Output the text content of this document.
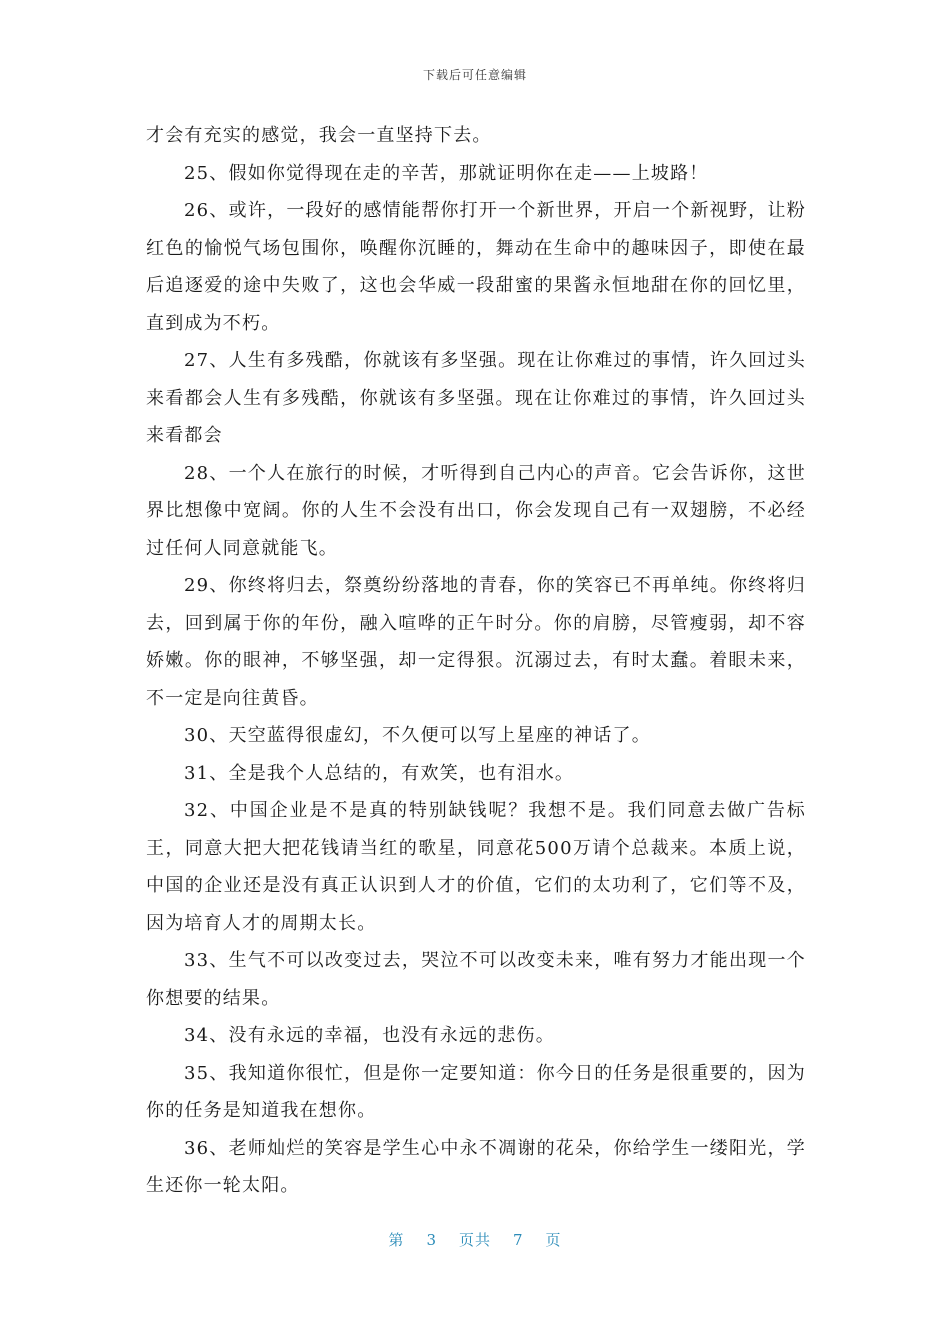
下载后可任意编辑

才会有充实的感觉，我会一直坚持下去。

25、假如你觉得现在走的辛苦，那就证明你在走——上坡路！

26、或许，一段好的感情能帮你打开一个新世界，开启一个新视野，让粉红色的愉悦气场包围你，唤醒你沉睡的，舞动在生命中的趣味因子，即使在最后追逐爱的途中失败了，这也会华威一段甜蜜的果酱永恒地甜在你的回忆里，直到成为不朽。

27、人生有多残酷，你就该有多坚强。现在让你难过的事情，许久回过头来看都会人生有多残酷，你就该有多坚强。现在让你难过的事情，许久回过头来看都会

28、一个人在旅行的时候，才听得到自己内心的声音。它会告诉你，这世界比想像中宽阔。你的人生不会没有出口，你会发现自己有一双翅膀，不必经过任何人同意就能飞。

29、你终将归去，祭奠纷纷落地的青春，你的笑容已不再单纯。你终将归去，回到属于你的年份，融入喧哗的正午时分。你的肩膀，尽管瘦弱，却不容娇嫩。你的眼神，不够坚强，却一定得狠。沉溺过去，有时太蠢。着眼未来，不一定是向往黄昏。

30、天空蓝得很虚幻，不久便可以写上星座的神话了。

31、全是我个人总结的，有欢笑，也有泪水。

32、中国企业是不是真的特别缺钱呢？我想不是。我们同意去做广告标王，同意大把大把花钱请当红的歌星，同意花500万请个总裁来。本质上说，中国的企业还是没有真正认识到人才的价值，它们的太功利了，它们等不及，因为培育人才的周期太长。

33、生气不可以改变过去，哭泣不可以改变未来，唯有努力才能出现一个你想要的结果。

34、没有永远的幸福，也没有永远的悲伤。

35、我知道你很忙，但是你一定要知道：你今日的任务是很重要的，因为你的任务是知道我在想你。

36、老师灿烂的笑容是学生心中永不凋谢的花朵，你给学生一缕阳光，学生还你一轮太阳。

第 3 页共 7 页
